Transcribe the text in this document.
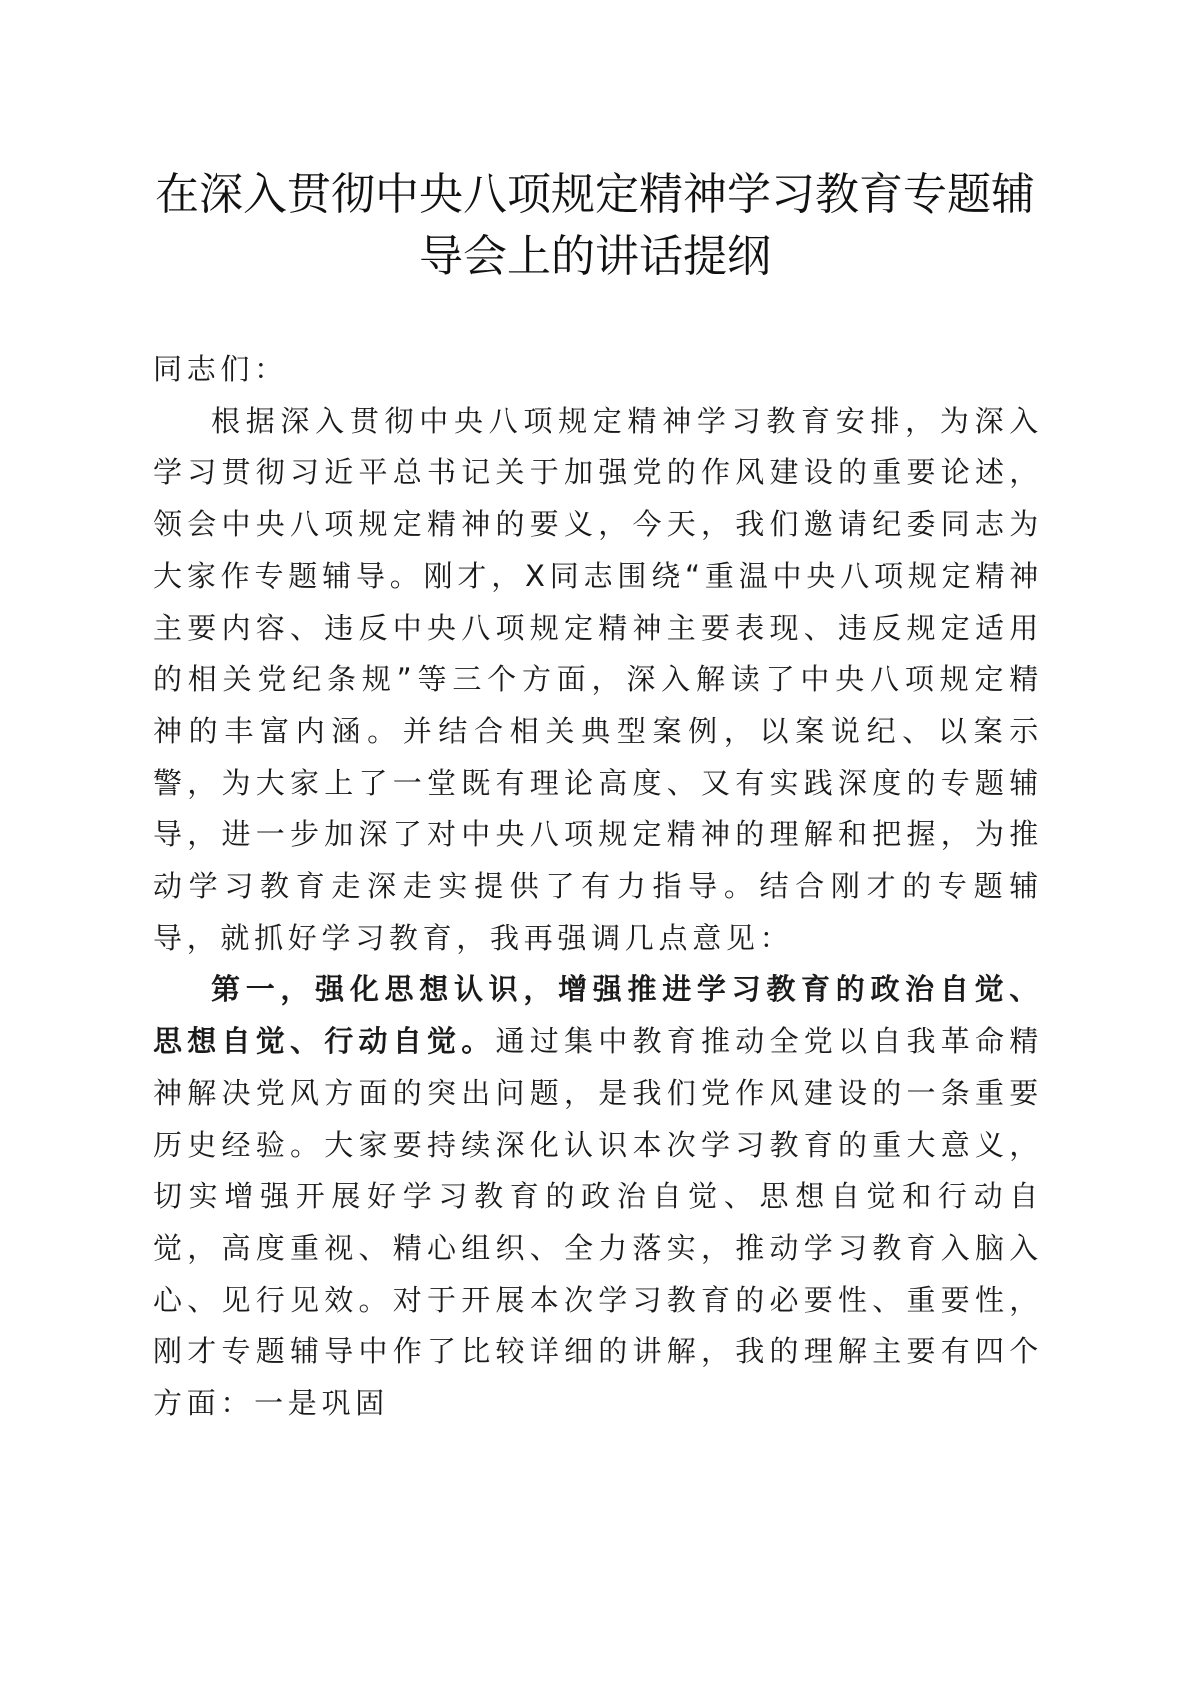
在深入贯彻中央八项规定精神学习教育专题辅
导会上的讲话提纲

同志们：

根据深入贯彻中央八项规定精神学习教育安排，为深入学习贯彻习近平总书记关于加强党的作风建设的重要论述，领会中央八项规定精神的要义，今天，我们邀请纪委同志为大家作专题辅导。刚才，X同志围绕“重温中央八项规定精神主要内容、违反中央八项规定精神主要表现、违反规定适用的相关党纪条规”等三个方面，深入解读了中央八项规定精神的丰富内涵。并结合相关典型案例，以案说纪、以案示警，为大家上了一堂既有理论高度、又有实践深度的专题辅导，进一步加深了对中央八项规定精神的理解和把握，为推动学习教育走深走实提供了有力指导。结合刚才的专题辅导，就抓好学习教育，我再强调几点意见：

第一，强化思想认识，增强推进学习教育的政治自觉、思想自觉、行动自觉。通过集中教育推动全党以自我革命精神解决党风方面的突出问题，是我们党作风建设的一条重要历史经验。大家要持续深化认识本次学习教育的重大意义，切实增强开展好学习教育的政治自觉、思想自觉和行动自觉，高度重视、精心组织、全力落实，推动学习教育入脑入心、见行见效。对于开展本次学习教育的必要性、重要性，刚才专题辅导中作了比较详细的讲解，我的理解主要有四个方面：一是巩固
